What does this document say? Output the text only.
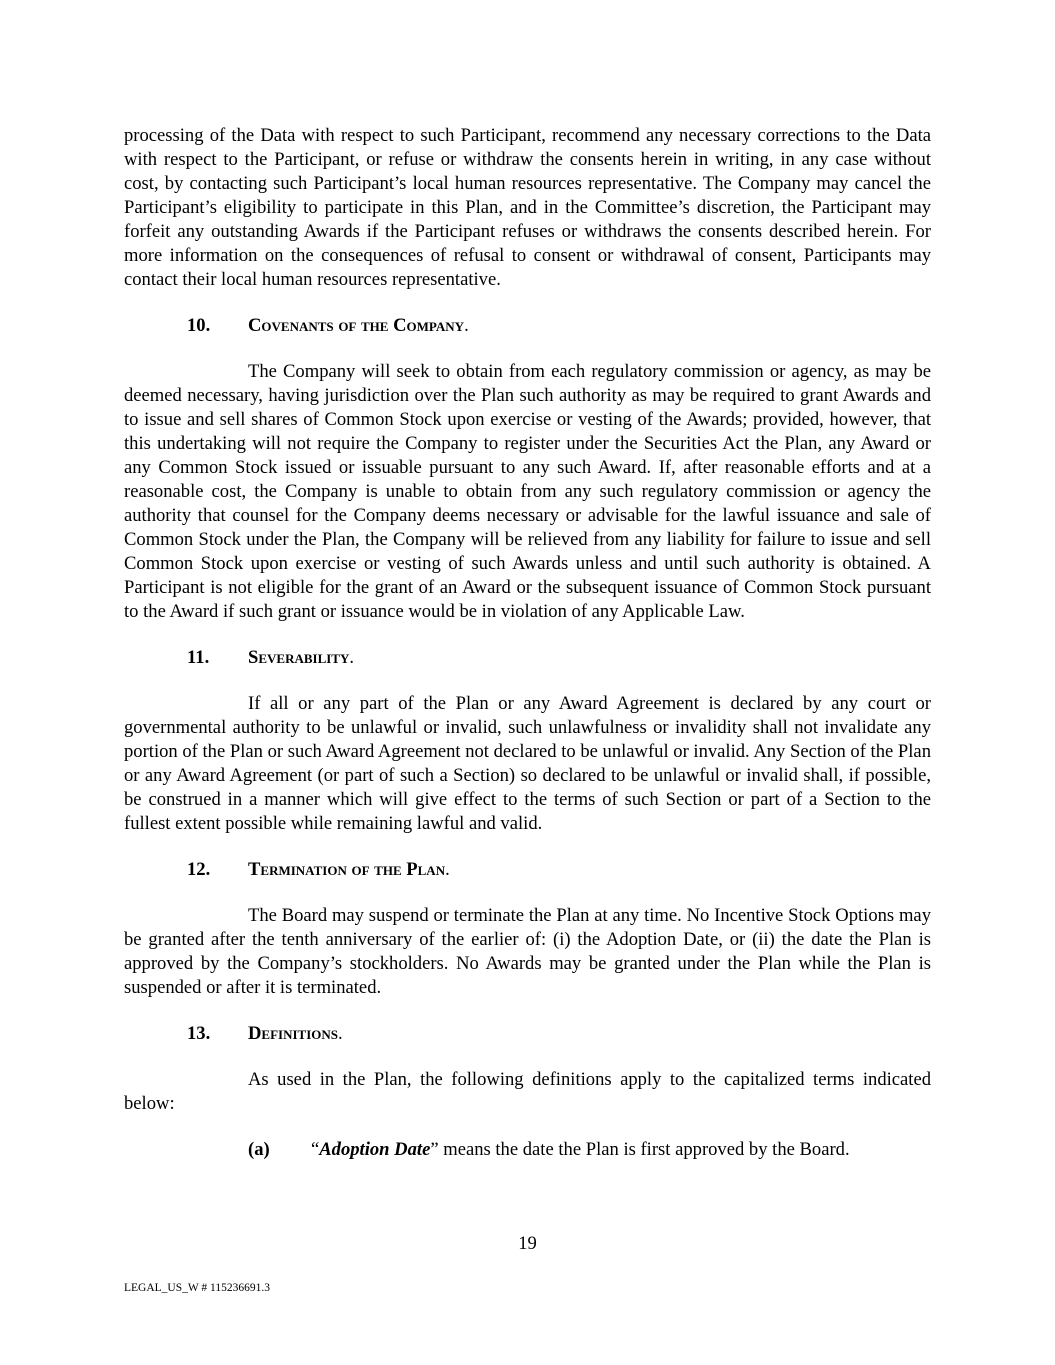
processing of the Data with respect to such Participant, recommend any necessary corrections to the Data with respect to the Participant, or refuse or withdraw the consents herein in writing, in any case without cost, by contacting such Participant’s local human resources representative. The Company may cancel the Participant’s eligibility to participate in this Plan, and in the Committee’s discretion, the Participant may forfeit any outstanding Awards if the Participant refuses or withdraws the consents described herein. For more information on the consequences of refusal to consent or withdrawal of consent, Participants may contact their local human resources representative.

10.	Covenants of the Company.

The Company will seek to obtain from each regulatory commission or agency, as may be deemed necessary, having jurisdiction over the Plan such authority as may be required to grant Awards and to issue and sell shares of Common Stock upon exercise or vesting of the Awards; provided, however, that this undertaking will not require the Company to register under the Securities Act the Plan, any Award or any Common Stock issued or issuable pursuant to any such Award. If, after reasonable efforts and at a reasonable cost, the Company is unable to obtain from any such regulatory commission or agency the authority that counsel for the Company deems necessary or advisable for the lawful issuance and sale of Common Stock under the Plan, the Company will be relieved from any liability for failure to issue and sell Common Stock upon exercise or vesting of such Awards unless and until such authority is obtained. A Participant is not eligible for the grant of an Award or the subsequent issuance of Common Stock pursuant to the Award if such grant or issuance would be in violation of any Applicable Law.

11.	Severability.

If all or any part of the Plan or any Award Agreement is declared by any court or governmental authority to be unlawful or invalid, such unlawfulness or invalidity shall not invalidate any portion of the Plan or such Award Agreement not declared to be unlawful or invalid. Any Section of the Plan or any Award Agreement (or part of such a Section) so declared to be unlawful or invalid shall, if possible, be construed in a manner which will give effect to the terms of such Section or part of a Section to the fullest extent possible while remaining lawful and valid.

12.	Termination of the Plan.

The Board may suspend or terminate the Plan at any time. No Incentive Stock Options may be granted after the tenth anniversary of the earlier of: (i) the Adoption Date, or (ii) the date the Plan is approved by the Company’s stockholders. No Awards may be granted under the Plan while the Plan is suspended or after it is terminated.

13.	Definitions.

As used in the Plan, the following definitions apply to the capitalized terms indicated below:

(a)	“Adoption Date” means the date the Plan is first approved by the Board.
19
LEGAL_US_W # 115236691.3
